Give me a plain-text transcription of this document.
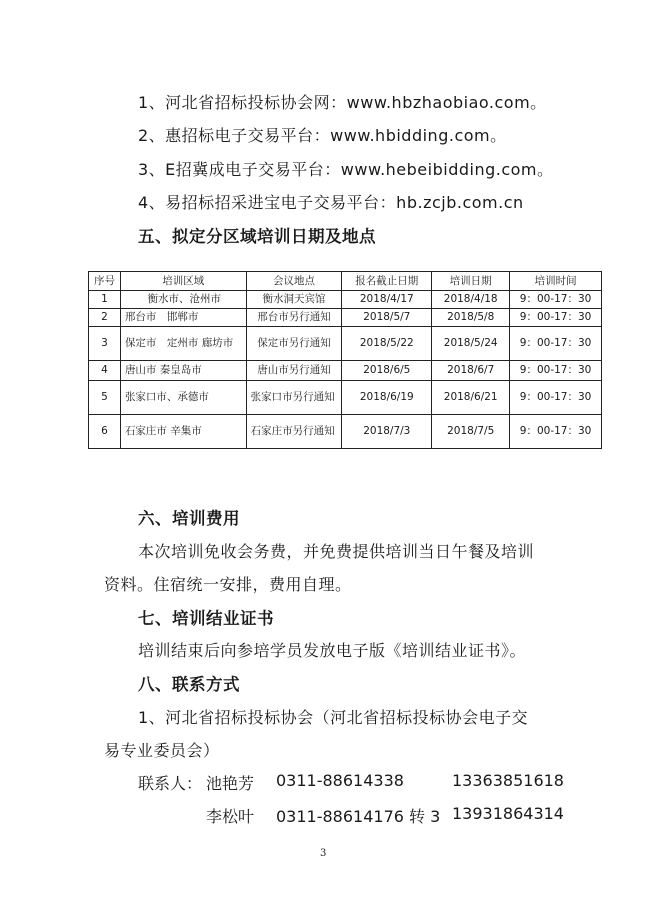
1、河北省招标投标协会网：www.hbzhaobiao.com。
2、惠招标电子交易平台：www.hbidding.com。
3、E招冀成电子交易平台：www.hebeibidding.com。
4、易招标招采进宝电子交易平台：hb.zcjb.com.cn
五、拟定分区域培训日期及地点
序号	培训区域	会议地点	报名截止日期	培训日期	培训时间
1	衡水市、沧州市	衡水洞天宾馆	2018/4/17	2018/4/18	9：00-17：30
2	邢台市　邯郸市	邢台市另行通知	2018/5/7	2018/5/8	9：00-17：30
3	保定市　定州市 廊坊市	保定市另行通知	2018/5/22	2018/5/24	9：00-17：30
4	唐山市 秦皇岛市	唐山市另行通知	2018/6/5	2018/6/7	9：00-17：30
5	张家口市、承德市	张家口市另行通知	2018/6/19	2018/6/21	9：00-17：30
6	石家庄市 辛集市	石家庄市另行通知	2018/7/3	2018/7/5	9：00-17：30
六、培训费用
本次培训免收会务费，并免费提供培训当日午餐及培训
资料。住宿统一安排，费用自理。
七、培训结业证书
培训结束后向参培学员发放电子版《培训结业证书》。
八、联系方式
1、河北省招标投标协会（河北省招标投标协会电子交
易专业委员会）
联系人： 池艳芳 0311-88614338	13363851618
李松叶 0311-88614176 转 3 13931864314
3
